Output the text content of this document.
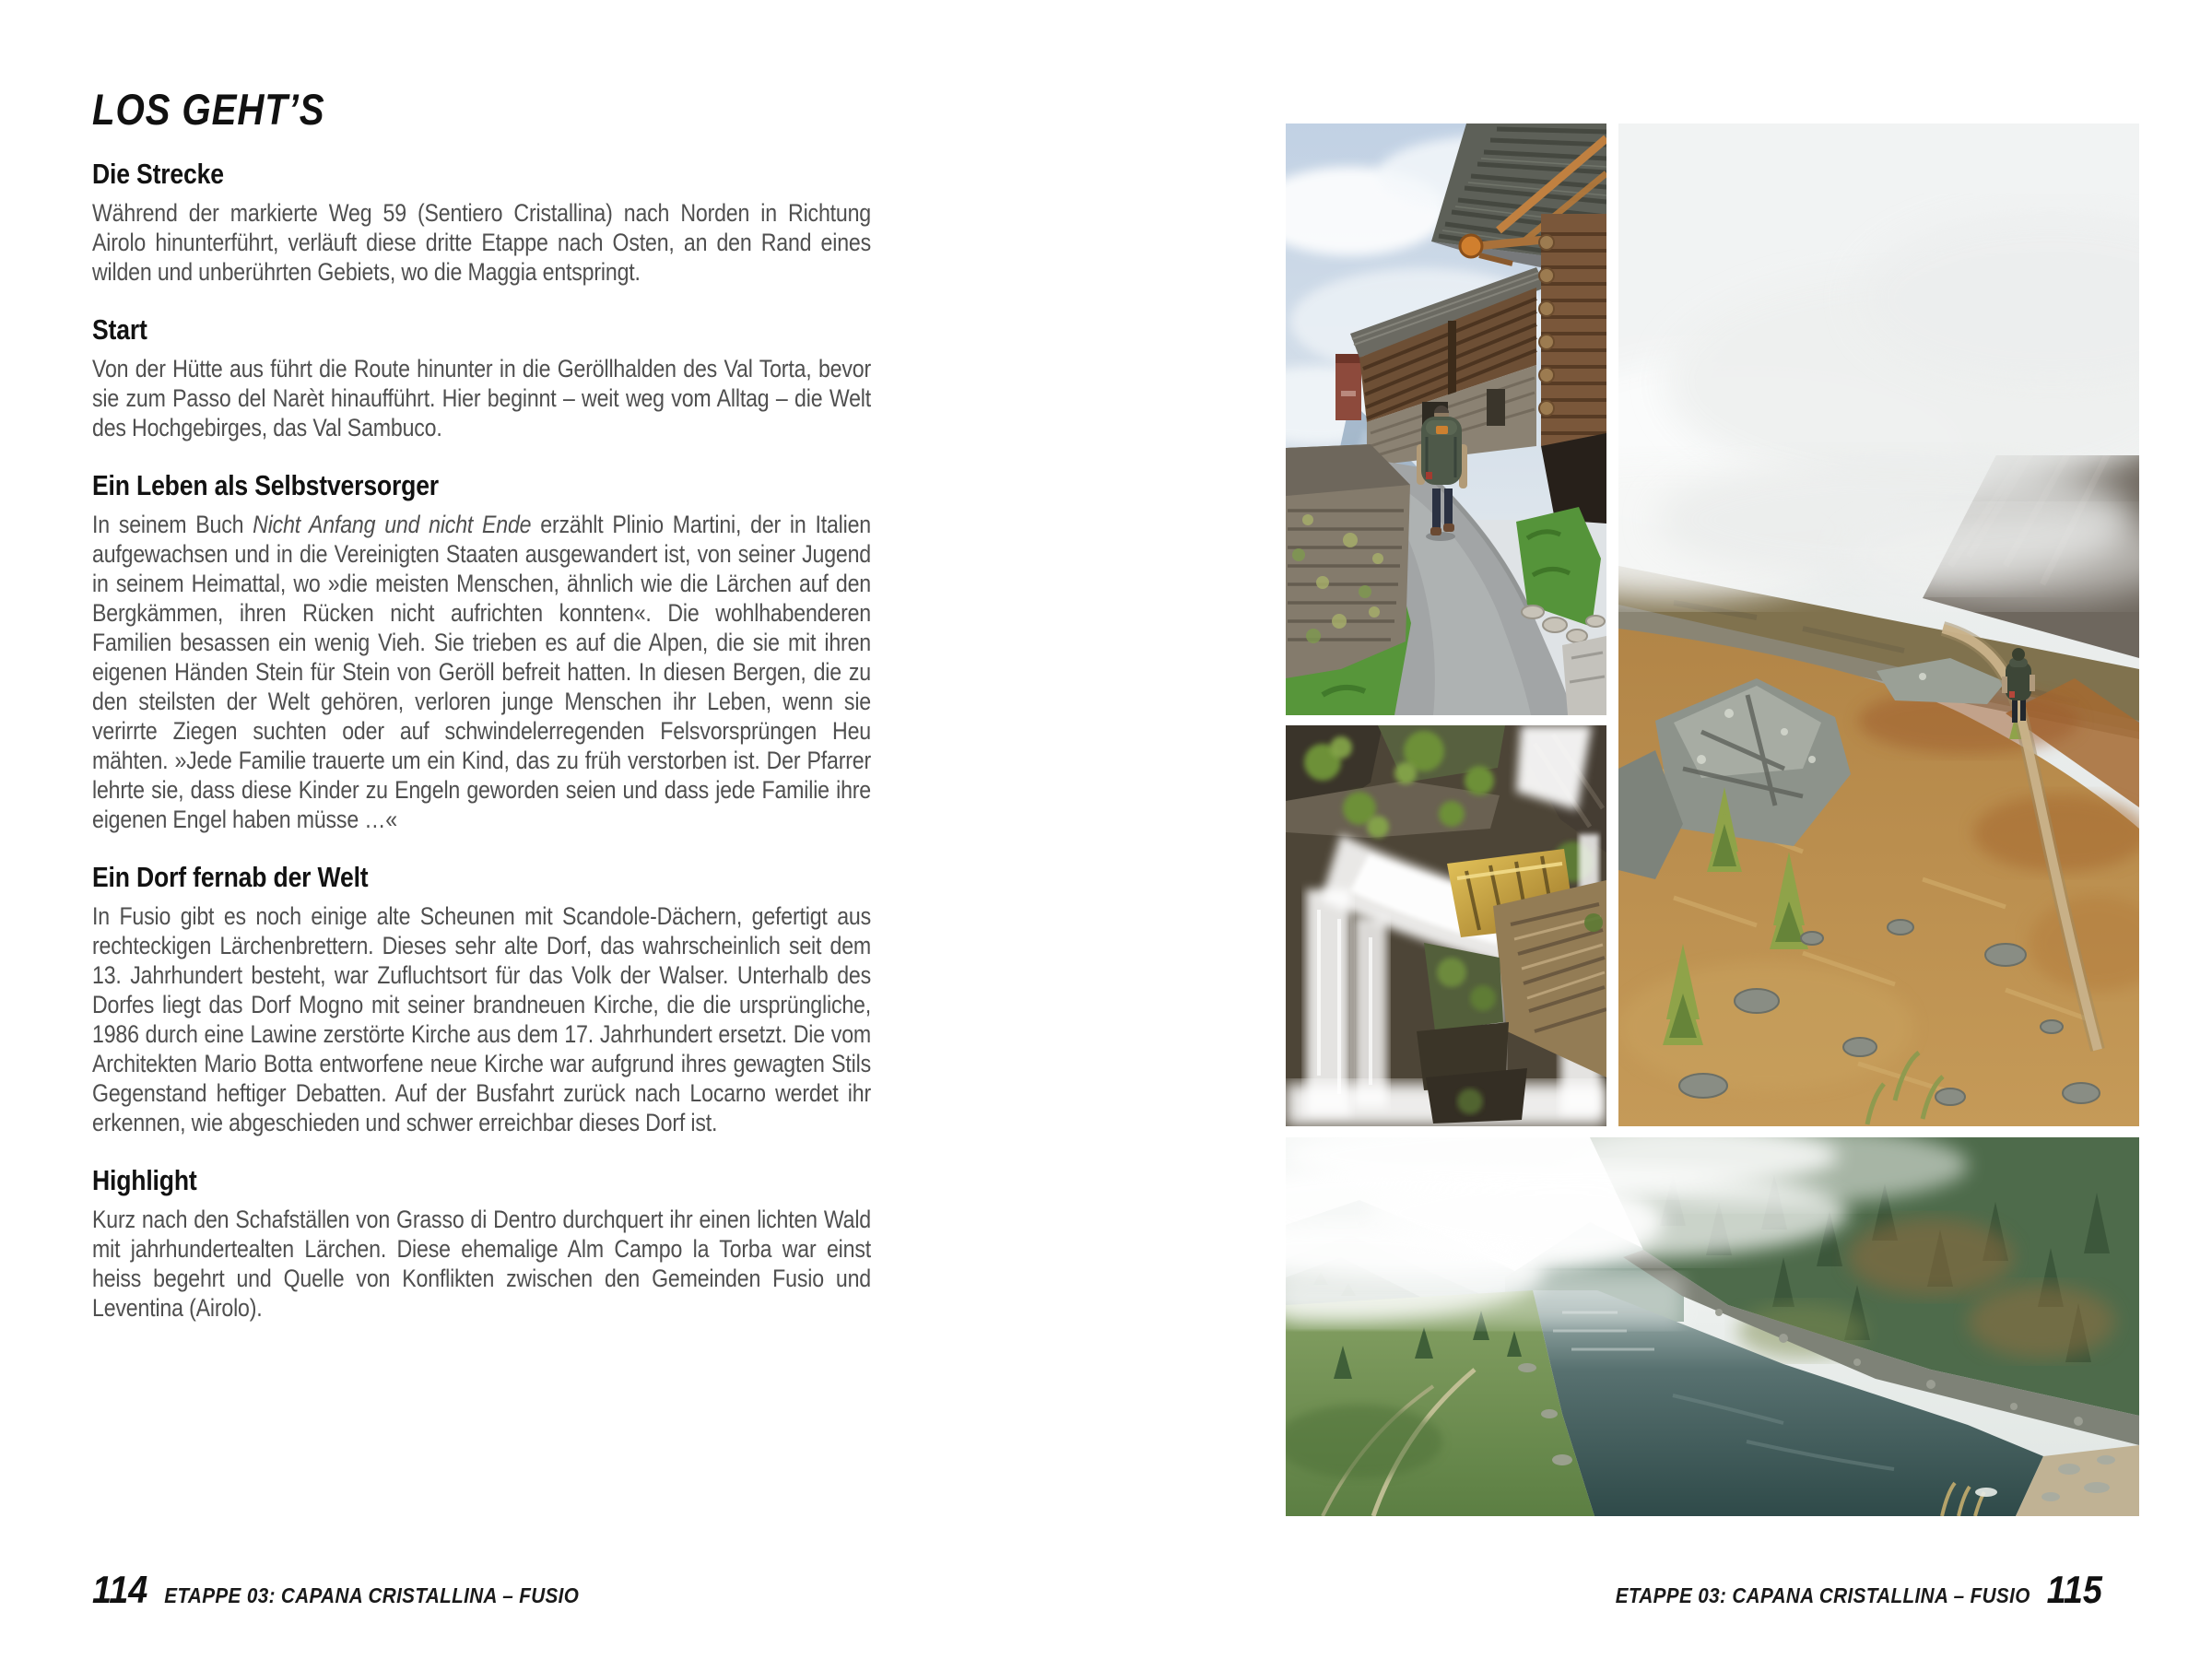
LOS GEHT’S
Die Strecke

Während der markierte Weg 59 (Sentiero Cristallina) nach Norden in Richtung Airolo hinunterführt, verläuft diese dritte Etappe nach Osten, an den Rand eines wilden und unberührten Gebiets, wo die Maggia entspringt.

Start

Von der Hütte aus führt die Route hinunter in die Geröllhalden des Val Torta, bevor sie zum Passo del Narèt hinaufführt. Hier beginnt – weit weg vom Alltag – die Welt des Hochgebirges, das Val Sambuco.

Ein Leben als Selbstversorger

In seinem Buch Nicht Anfang und nicht Ende erzählt Plinio Martini, der in Italien aufgewachsen und in die Vereinigten Staaten ausgewandert ist, von seiner Jugend in seinem Heimattal, wo »die meisten Menschen, ähnlich wie die Lärchen auf den Bergkämmen, ihren Rücken nicht aufrichten konnten«. Die wohlhabenderen Familien besassen ein wenig Vieh. Sie trieben es auf die Alpen, die sie mit ihren eigenen Händen Stein für Stein von Geröll befreit hatten. In diesen Bergen, die zu den steilsten der Welt gehören, verloren junge Menschen ihr Leben, wenn sie verirrte Ziegen suchten oder auf schwindelerregenden Felsvorsprüngen Heu mähten. »Jede Familie trauerte um ein Kind, das zu früh verstorben ist. Der Pfarrer lehrte sie, dass diese Kinder zu Engeln geworden seien und dass jede Familie ihre eigenen Engel haben müsse …«

Ein Dorf fernab der Welt

In Fusio gibt es noch einige alte Scheunen mit Scandole-Dächern, gefertigt aus rechteckigen Lärchenbrettern. Dieses sehr alte Dorf, das wahrscheinlich seit dem 13. Jahrhundert besteht, war Zufluchtsort für das Volk der Walser. Unterhalb des Dorfes liegt das Dorf Mogno mit seiner brandneuen Kirche, die die ursprüngliche, 1986 durch eine Lawine zerstörte Kirche aus dem 17. Jahrhundert ersetzt. Die vom Architekten Mario Botta entworfene neue Kirche war aufgrund ihres gewagten Stils Gegenstand heftiger Debatten. Auf der Busfahrt zurück nach Locarno werdet ihr erkennen, wie abgeschieden und schwer erreichbar dieses Dorf ist.

Highlight

Kurz nach den Schafställen von Grasso di Dentro durchquert ihr einen lichten Wald mit jahrhundertealten Lärchen. Diese ehemalige Alm Campo la Torba war einst heiss begehrt und Quelle von Konflikten zwischen den Gemeinden Fusio und Leventina (Airolo).

114 ETAPPE 03: CAPANA CRISTALLINA – FUSIO	ETAPPE 03: CAPANA CRISTALLINA – FUSIO 115
